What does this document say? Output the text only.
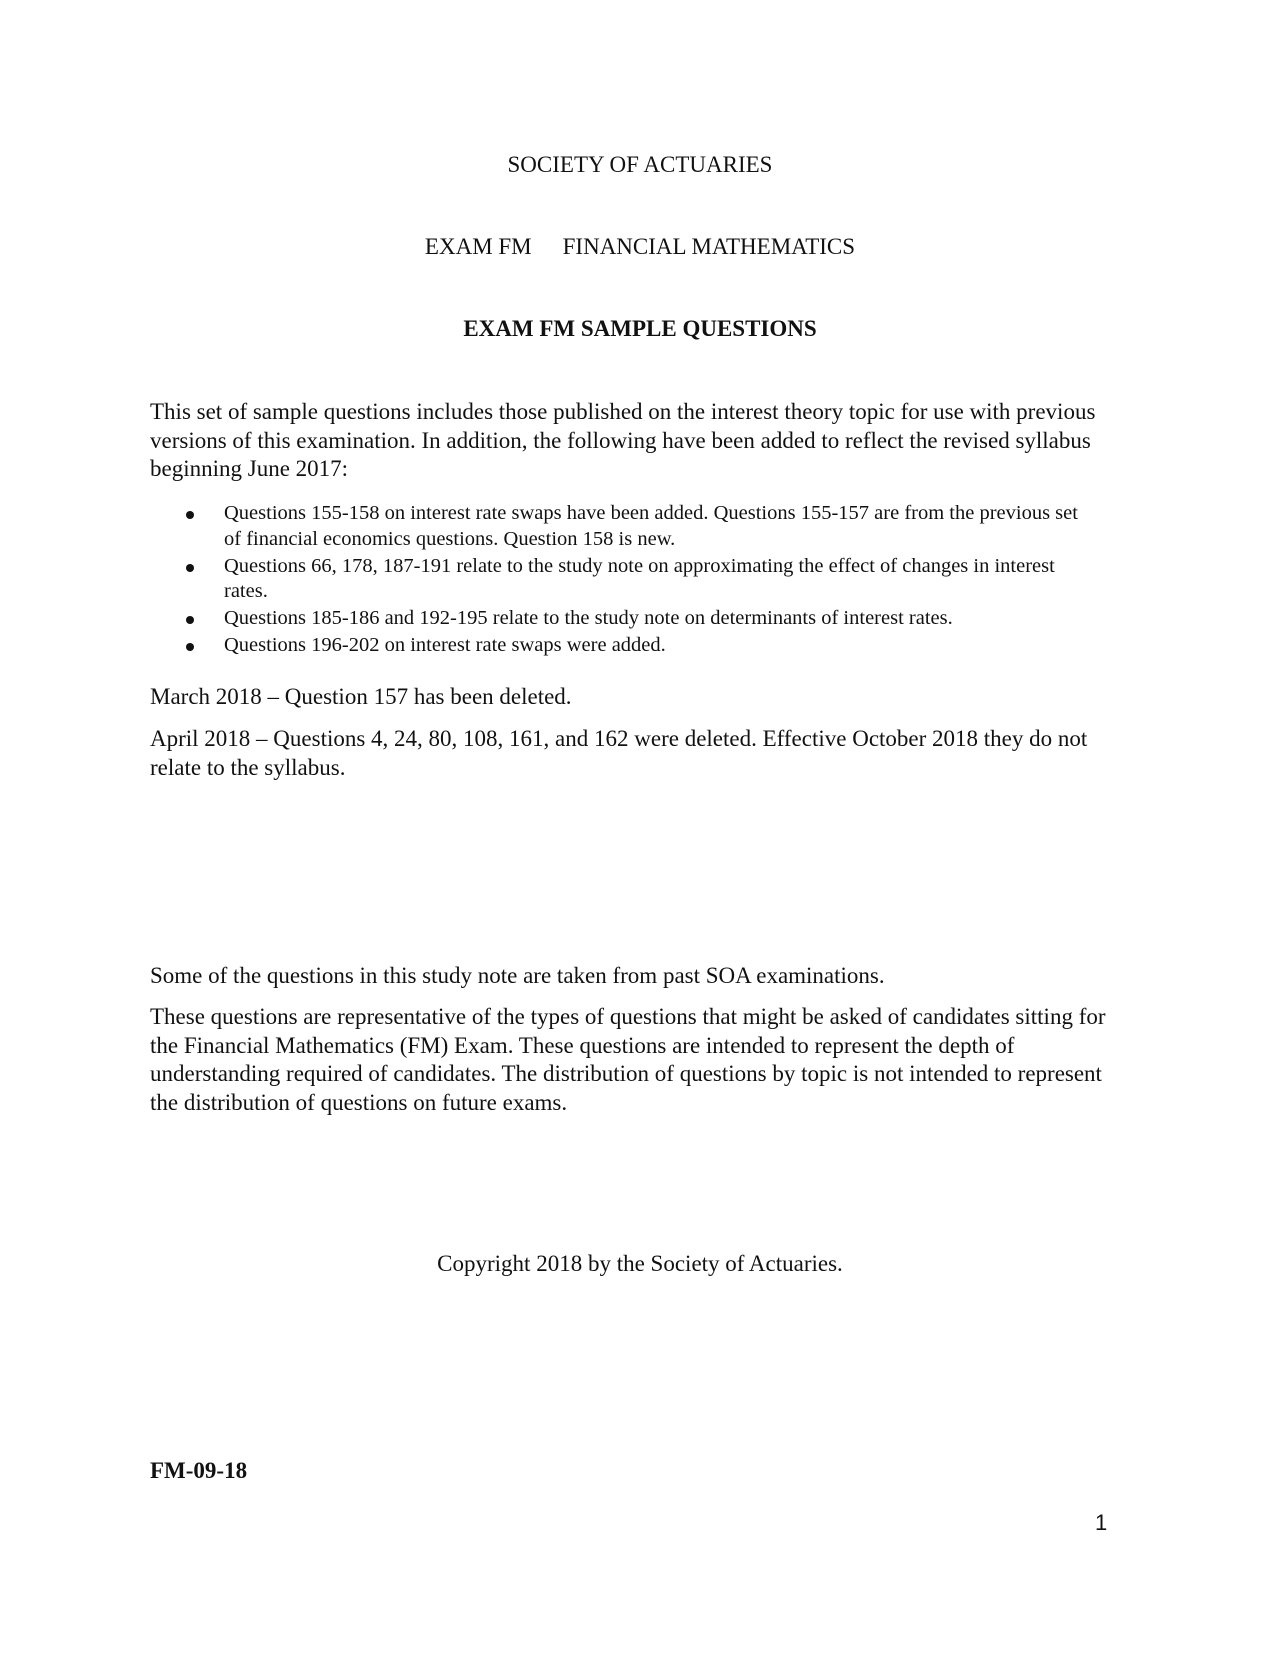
SOCIETY OF ACTUARIES
EXAM FM FINANCIAL MATHEMATICS
EXAM FM SAMPLE QUESTIONS
This set of sample questions includes those published on the interest theory topic for use with previous versions of this examination. In addition, the following have been added to reflect the revised syllabus beginning June 2017:
Questions 155-158 on interest rate swaps have been added. Questions 155-157 are from the previous set of financial economics questions. Question 158 is new.
Questions 66, 178, 187-191 relate to the study note on approximating the effect of changes in interest rates.
Questions 185-186 and 192-195 relate to the study note on determinants of interest rates.
Questions 196-202 on interest rate swaps were added.
March 2018 – Question 157 has been deleted.
April 2018 – Questions 4, 24, 80, 108, 161, and 162 were deleted. Effective October 2018 they do not relate to the syllabus.
Some of the questions in this study note are taken from past SOA examinations.
These questions are representative of the types of questions that might be asked of candidates sitting for the Financial Mathematics (FM) Exam. These questions are intended to represent the depth of understanding required of candidates. The distribution of questions by topic is not intended to represent the distribution of questions on future exams.
Copyright 2018 by the Society of Actuaries.
FM-09-18
1
